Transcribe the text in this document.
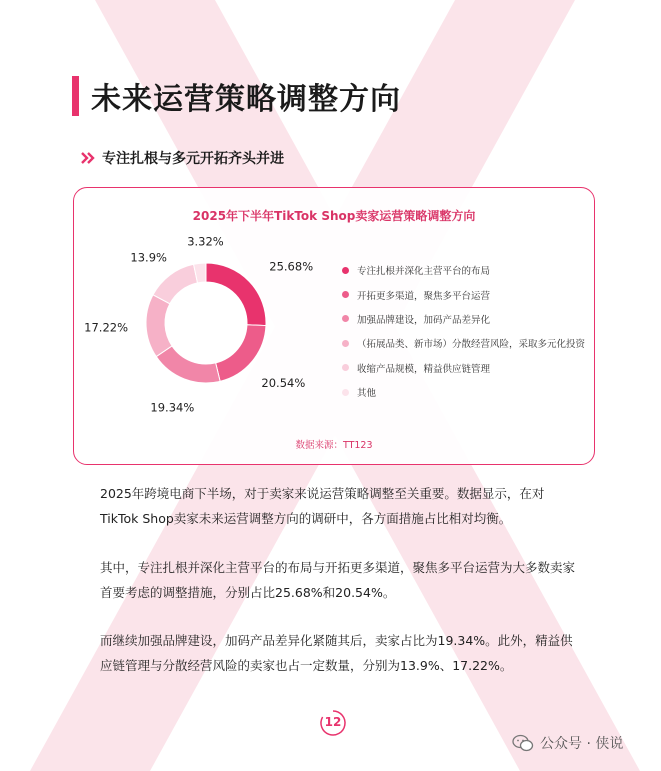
未来运营策略调整方向
专注扎根与多元开拓齐头并进
2025年下半年TikTok Shop卖家运营策略调整方向
25.68%
20.54%
19.34%
17.22%
13.9%
3.32%
专注扎根并深化主营平台的布局
开拓更多渠道，聚焦多平台运营
加强品牌建设，加码产品差异化
（拓展品类、新市场）分散经营风险，采取多元化投资
收缩产品规模，精益供应链管理
其他
数据来源：TT123
2025年跨境电商下半场，对于卖家来说运营策略调整至关重要。数据显示，在对
TikTok Shop卖家未来运营调整方向的调研中，各方面措施占比相对均衡。
其中，专注扎根并深化主营平台的布局与开拓更多渠道，聚焦多平台运营为大多数卖家
首要考虑的调整措施，分别占比25.68%和20.54%。
而继续加强品牌建设，加码产品差异化紧随其后，卖家占比为19.34%。此外，精益供
应链管理与分散经营风险的卖家也占一定数量，分别为13.9%、17.22%。
12
公众号 · 侠说
